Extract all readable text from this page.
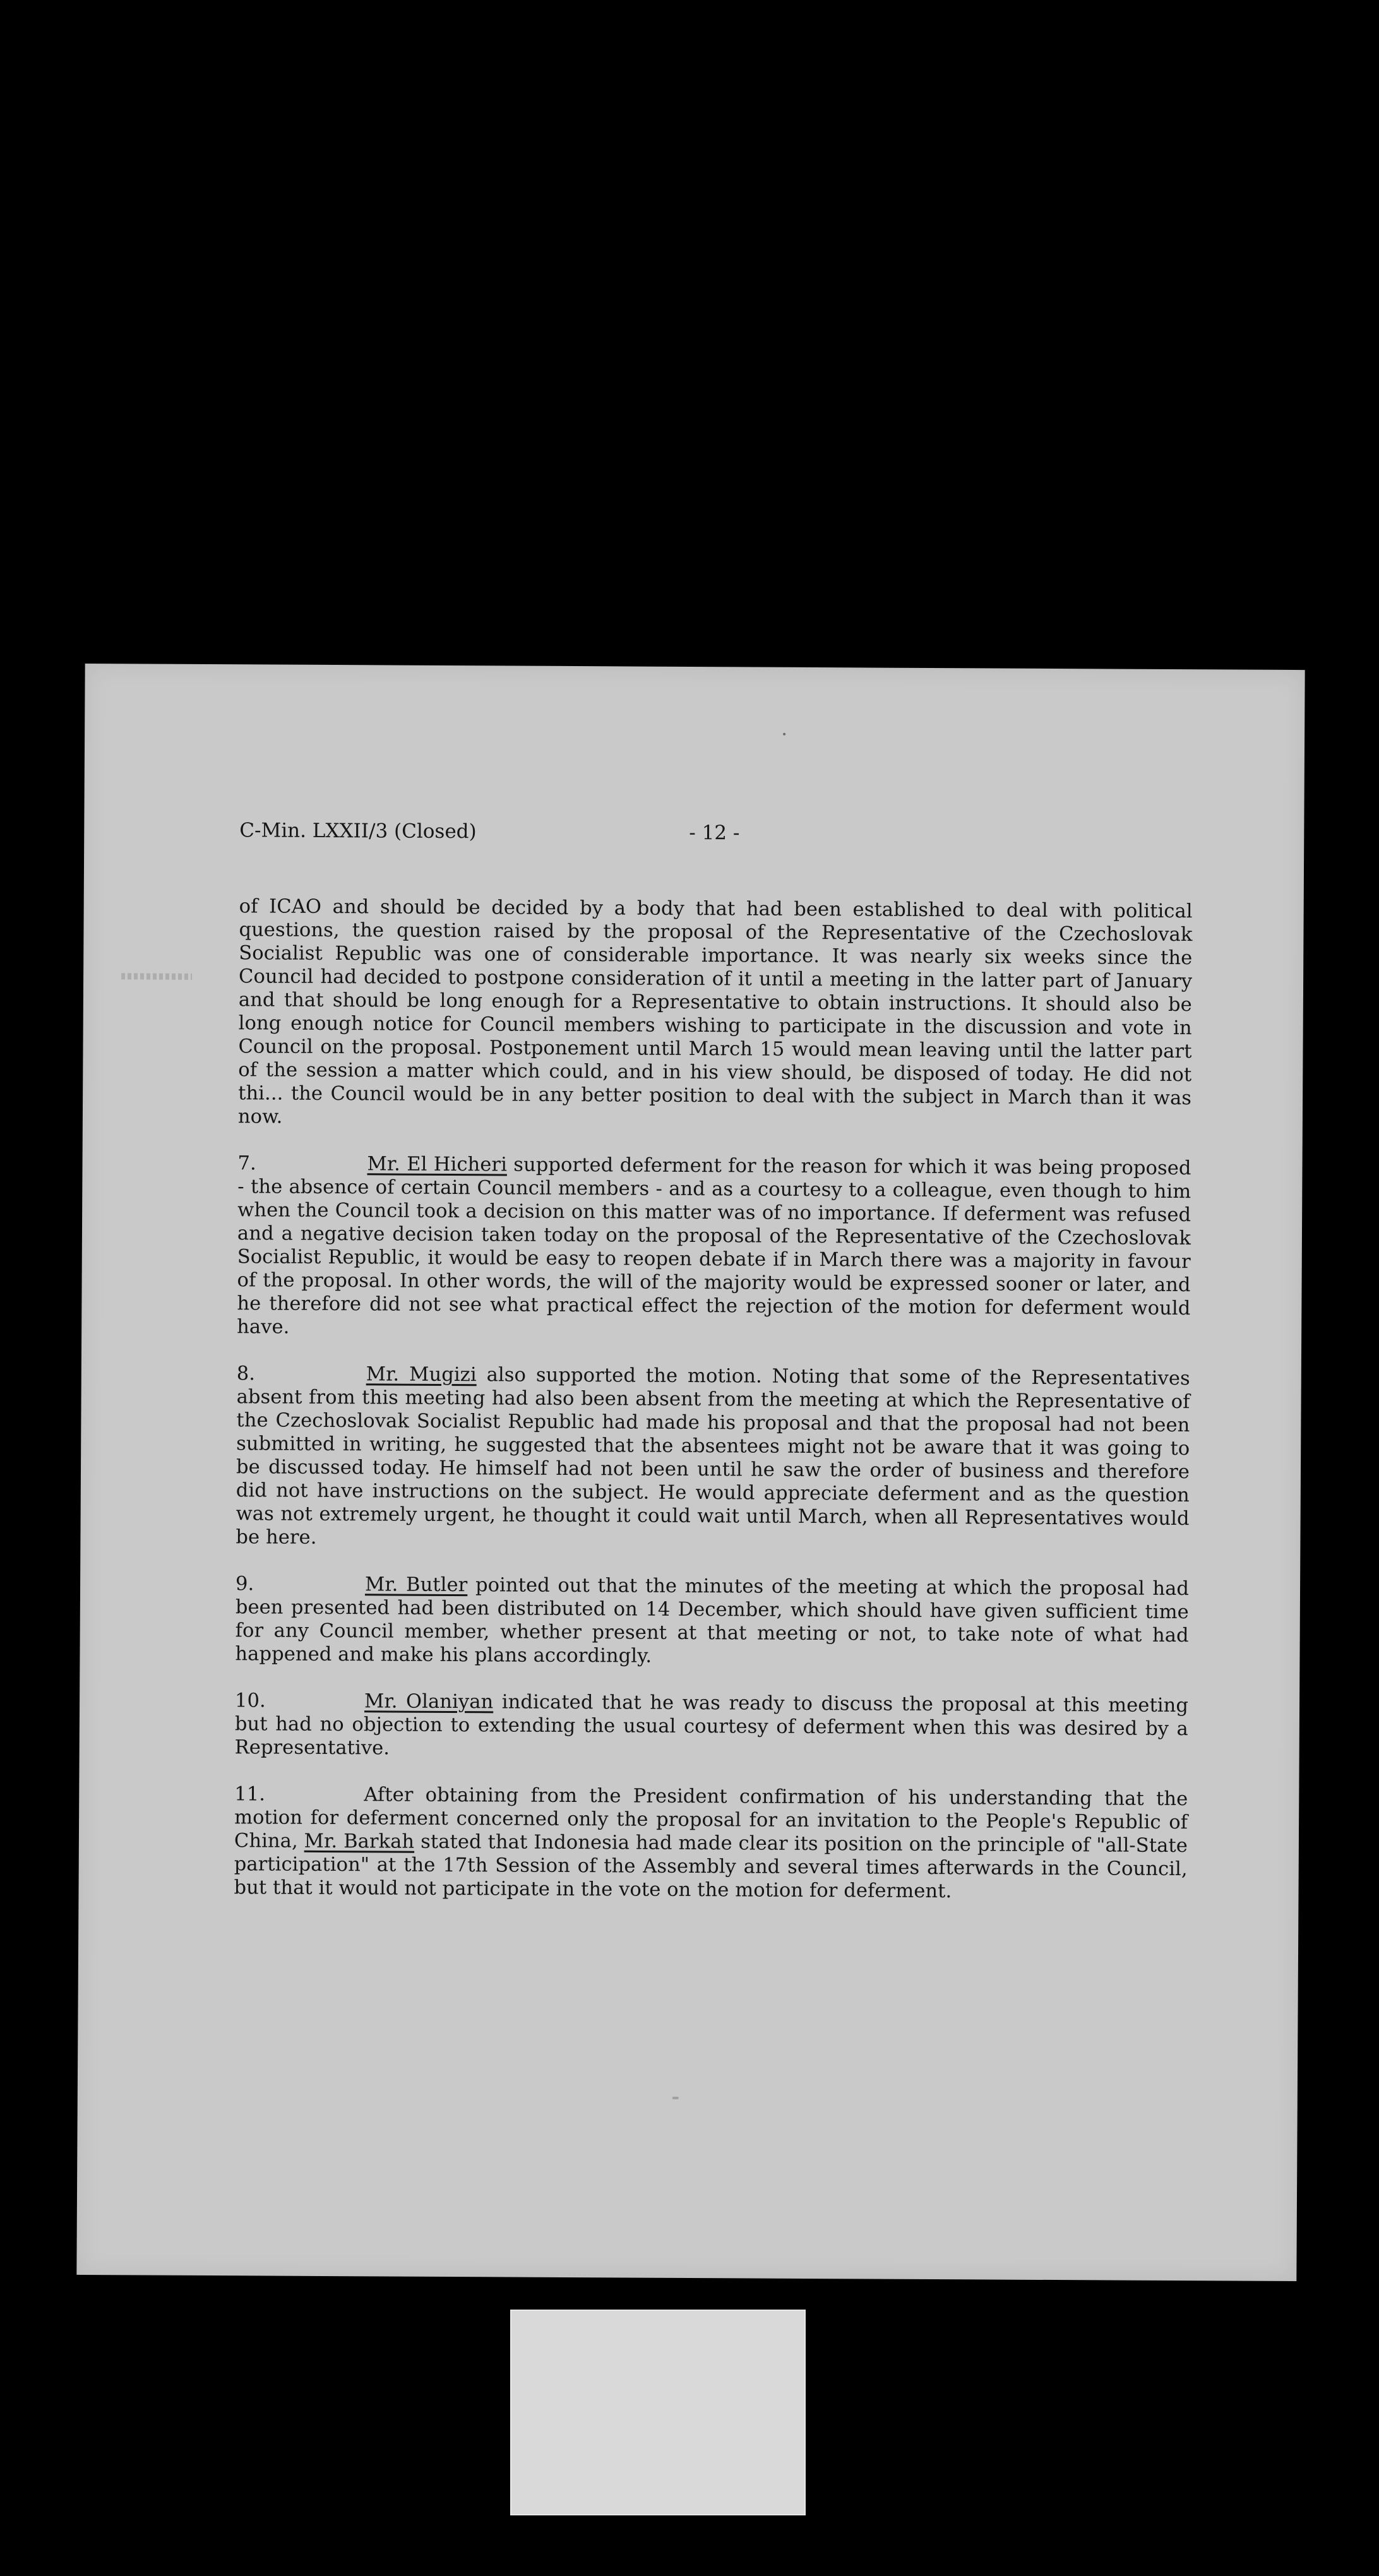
C-Min. LXXII/3 (Closed)	- 12 -

of ICAO and should be decided by a body that had been established to deal with political questions, the question raised by the proposal of the Representative of the Czechoslovak Socialist Republic was one of considerable importance. It was nearly six weeks since the Council had decided to postpone consideration of it until a meeting in the latter part of January and that should be long enough for a Representative to obtain instructions. It should also be long enough notice for Council members wishing to participate in the discussion and vote in Council on the proposal. Postponement until March 15 would mean leaving until the latter part of the session a matter which could, and in his view should, be disposed of today. He did not thi... the Council would be in any better position to deal with the subject in March than it was now.

7.	Mr. El Hicheri supported deferment for the reason for which it was being proposed - the absence of certain Council members - and as a courtesy to a colleague, even though to him when the Council took a decision on this matter was of no importance. If deferment was refused and a negative decision taken today on the proposal of the Representative of the Czechoslovak Socialist Republic, it would be easy to reopen debate if in March there was a majority in favour of the proposal. In other words, the will of the majority would be expressed sooner or later, and he therefore did not see what practical effect the rejection of the motion for deferment would have.

8.	Mr. Mugizi also supported the motion. Noting that some of the Representatives absent from this meeting had also been absent from the meeting at which the Representative of the Czechoslovak Socialist Republic had made his proposal and that the proposal had not been submitted in writing, he suggested that the absentees might not be aware that it was going to be discussed today. He himself had not been until he saw the order of business and therefore did not have instructions on the subject. He would appreciate deferment and as the question was not extremely urgent, he thought it could wait until March, when all Representatives would be here.

9.	Mr. Butler pointed out that the minutes of the meeting at which the proposal had been presented had been distributed on 14 December, which should have given sufficient time for any Council member, whether present at that meeting or not, to take note of what had happened and make his plans accordingly.

10.	Mr. Olaniyan indicated that he was ready to discuss the proposal at this meeting but had no objection to extending the usual courtesy of deferment when this was desired by a Representative.

11.	After obtaining from the President confirmation of his understanding that the motion for deferment concerned only the proposal for an invitation to the People's Republic of China, Mr. Barkah stated that Indonesia had made clear its position on the principle of "all-State participation" at the 17th Session of the Assembly and several times afterwards in the Council, but that it would not participate in the vote on the motion for deferment.
